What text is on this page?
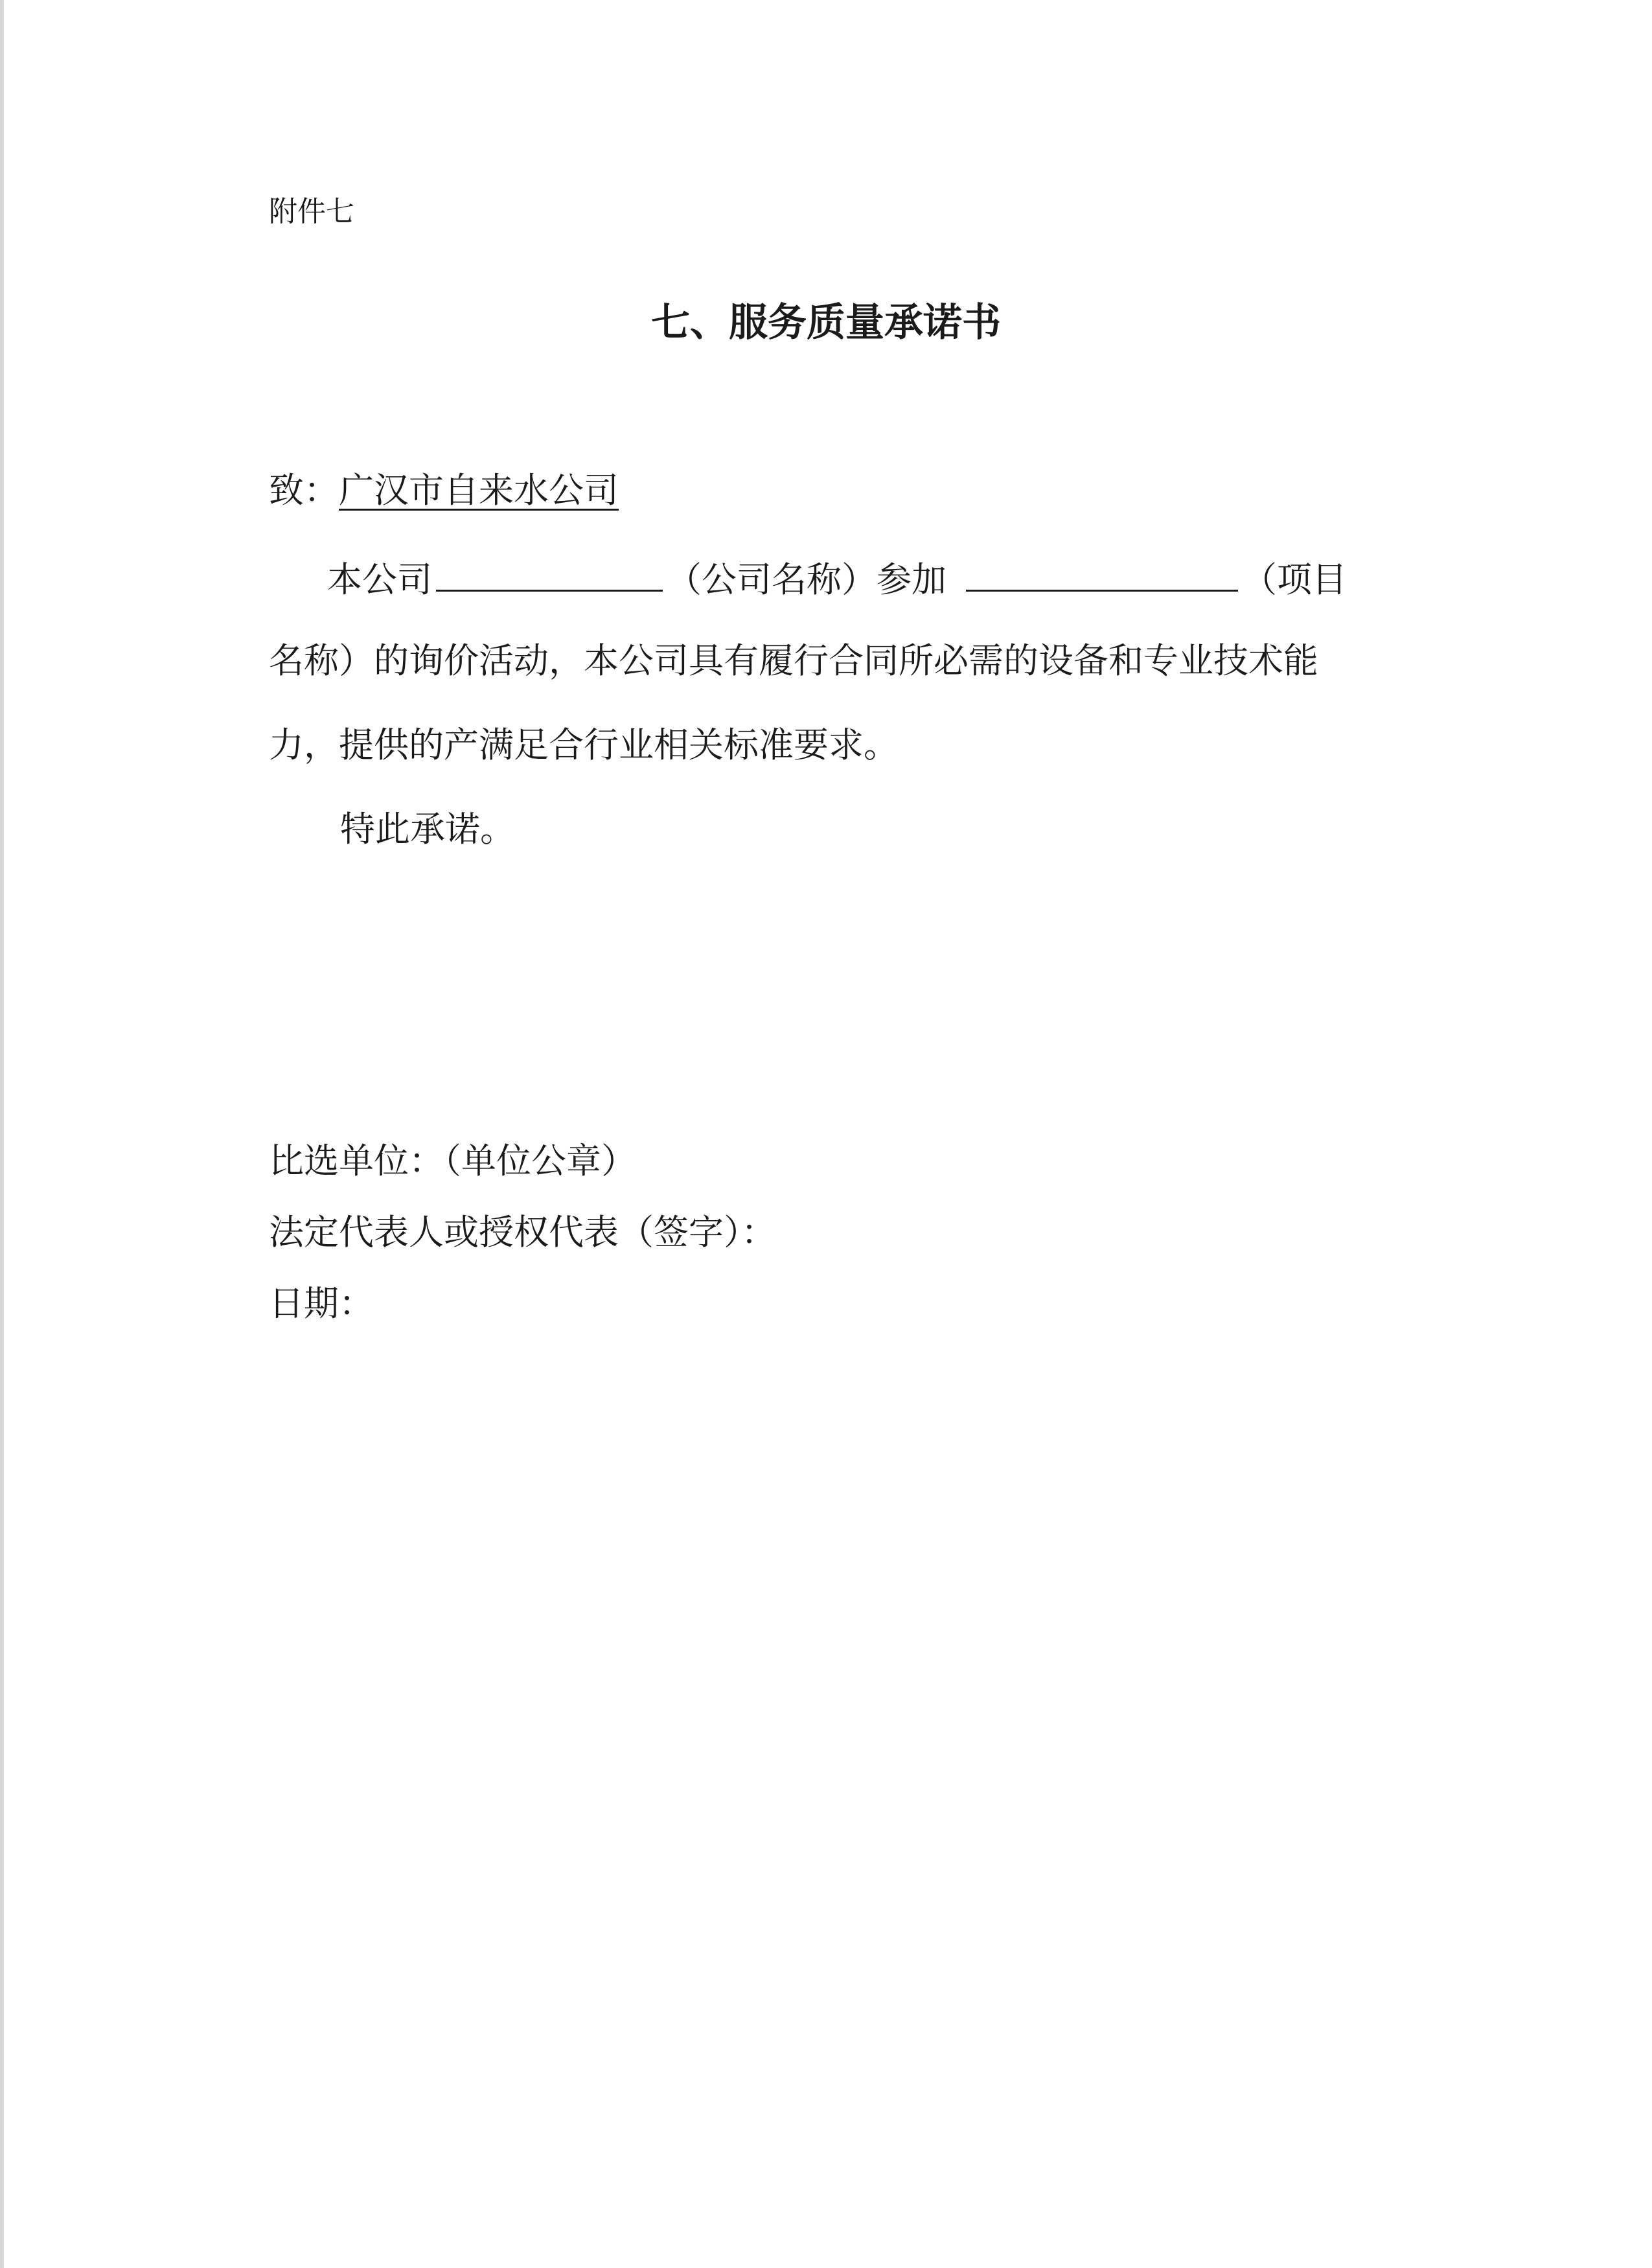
附件七
七、服务质量承诺书
致：广汉市自来水公司
本公司	（公司名称）参加	（项目
名称）的询价活动，本公司具有履行合同所必需的设备和专业技术能
力，提供的产满足合行业相关标准要求。
特此承诺。
比选单位：（单位公章）
法定代表人或授权代表（签字）：
日期：
